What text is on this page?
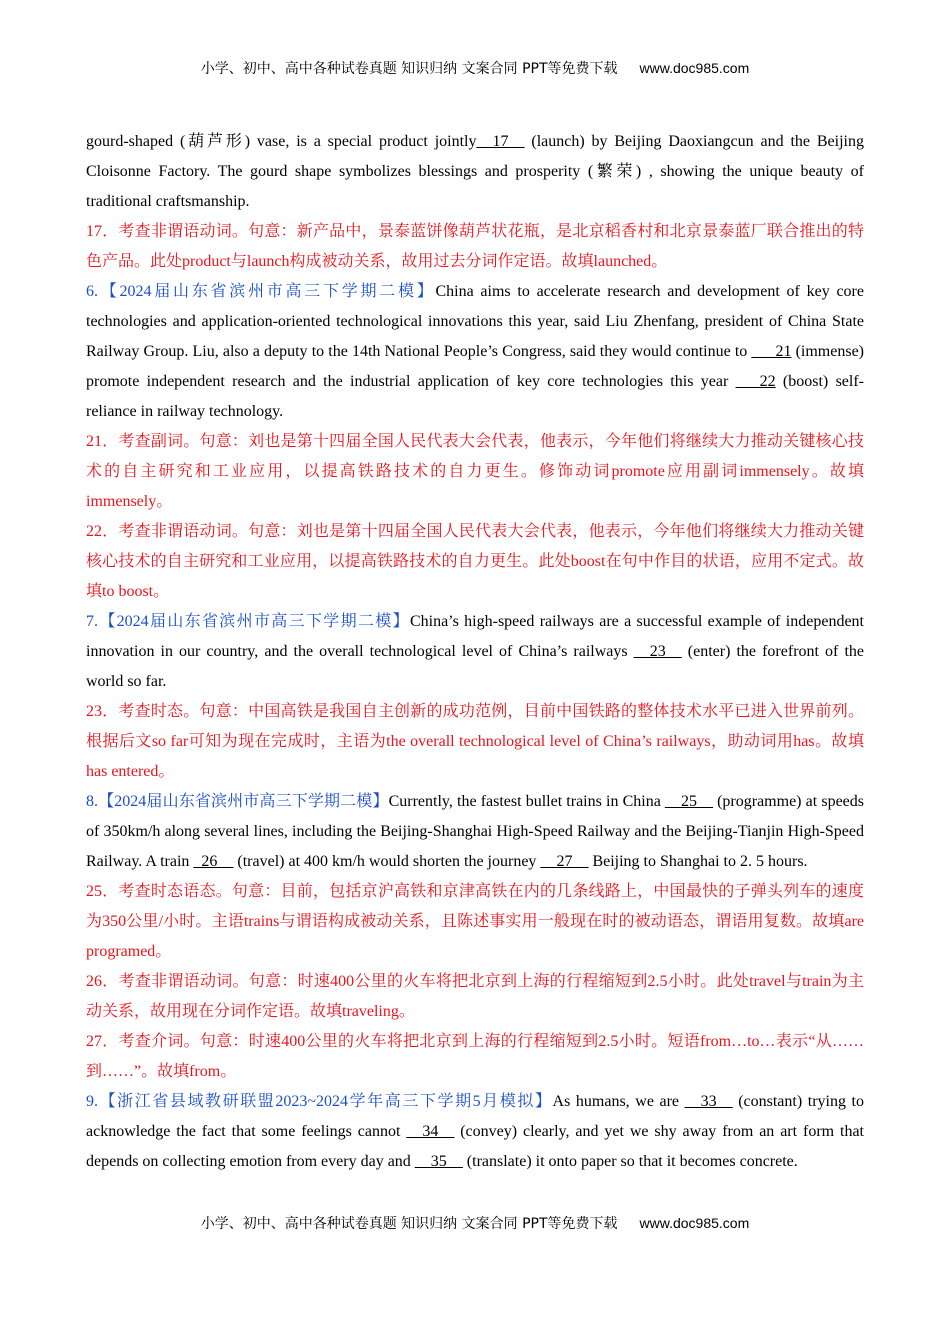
小学、初中、高中各种试卷真题 知识归纳 文案合同 PPT等免费下载 www.doc985.com

gourd-shaped (葫芦形) vase, is a special product jointly__17__ (launch) by Beijing Daoxiangcun and the Beijing Cloisonne Factory. The gourd shape symbolizes blessings and prosperity (繁荣) , showing the unique beauty of traditional craftsmanship.

17．考查非谓语动词。句意：新产品中，景泰蓝饼像葫芦状花瓶，是北京稻香村和北京景泰蓝厂联合推出的特色产品。此处product与launch构成被动关系，故用过去分词作定语。故填launched。

6.【2024届山东省滨州市高三下学期二模】China aims to accelerate research and development of key core technologies and application-oriented technological innovations this year, said Liu Zhenfang, president of China State Railway Group. Liu, also a deputy to the 14th National People’s Congress, said they would continue to ___21 (immense) promote independent research and the industrial application of key core technologies this year ___22 (boost) self-reliance in railway technology.

21．考查副词。句意：刘也是第十四届全国人民代表大会代表，他表示，今年他们将继续大力推动关键核心技术的自主研究和工业应用，以提高铁路技术的自力更生。修饰动词promote应用副词immensely。故填immensely。

22．考查非谓语动词。句意：刘也是第十四届全国人民代表大会代表，他表示，今年他们将继续大力推动关键核心技术的自主研究和工业应用，以提高铁路技术的自力更生。此处boost在句中作目的状语，应用不定式。故填to boost。

7.【2024届山东省滨州市高三下学期二模】China’s high-speed railways are a successful example of independent innovation in our country, and the overall technological level of China’s railways __23__ (enter) the forefront of the world so far.

23．考查时态。句意：中国高铁是我国自主创新的成功范例，目前中国铁路的整体技术水平已进入世界前列。根据后文so far可知为现在完成时，主语为the overall technological level of China’s railways，助动词用has。故填has entered。

8.【2024届山东省滨州市高三下学期二模】Currently, the fastest bullet trains in China __25__ (programme) at speeds of 350km/h along several lines, including the Beijing-Shanghai High-Speed Railway and the Beijing-Tianjin High-Speed Railway. A train _26__ (travel) at 400 km/h would shorten the journey __27__ Beijing to Shanghai to 2. 5 hours.

25．考查时态语态。句意：目前，包括京沪高铁和京津高铁在内的几条线路上，中国最快的子弹头列车的速度为350公里/小时。主语trains与谓语构成被动关系，且陈述事实用一般现在时的被动语态，谓语用复数。故填are programed。

26．考查非谓语动词。句意：时速400公里的火车将把北京到上海的行程缩短到2.5小时。此处travel与train为主动关系，故用现在分词作定语。故填traveling。

27．考查介词。句意：时速400公里的火车将把北京到上海的行程缩短到2.5小时。短语from…to…表示“从……到……”。故填from。

9.【浙江省县域教研联盟2023~2024学年高三下学期5月模拟】As humans, we are __33__ (constant) trying to acknowledge the fact that some feelings cannot __34__ (convey) clearly, and yet we shy away from an art form that depends on collecting emotion from every day and __35__ (translate) it onto paper so that it becomes concrete.

小学、初中、高中各种试卷真题 知识归纳 文案合同 PPT等免费下载 www.doc985.com
